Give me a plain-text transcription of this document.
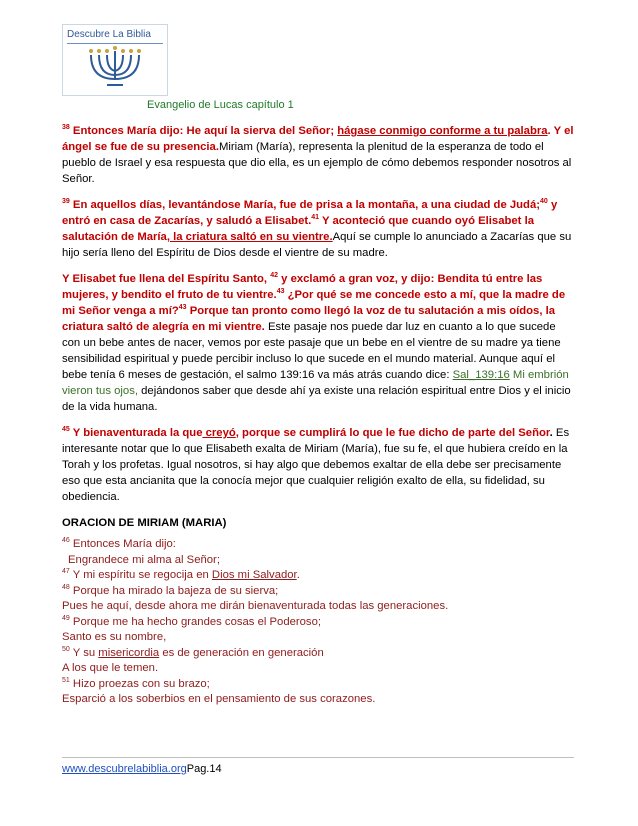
Descubre La Biblia
Evangelio de Lucas capítulo 1

$^{38}$ Entonces María dijo: He aquí la sierva del Señor; hágase conmigo conforme a tu palabra. Y el ángel se fue de su presencia.Miriam (María), representa la plenitud de la esperanza de todo el pueblo de Israel y esa respuesta que dio ella, es un ejemplo de cómo debemos responder nosotros al Señor.

$^{39}$ En aquellos días, levantándose María, fue de prisa a la montaña, a una ciudad de Judá;$^{40}$ y entró en casa de Zacarías, y saludó a Elisabet.$^{41}$ Y aconteció que cuando oyó Elisabet la salutación de María, la criatura saltó en su vientre.Aquí se cumple lo anunciado a Zacarías que su hijo sería lleno del Espíritu de Dios desde el vientre de su madre.

Y Elisabet fue llena del Espíritu Santo, $^{42}$ y exclamó a gran voz, y dijo: Bendita tú entre las mujeres, y bendito el fruto de tu vientre.$^{43}$ ¿Por qué se me concede esto a mí, que la madre de mi Señor venga a mí?$^{43}$ Porque tan pronto como llegó la voz de tu salutación a mis oídos, la criatura saltó de alegría en mi vientre. Este pasaje nos puede dar luz en cuanto a lo que sucede con un bebe antes de nacer, vemos por este pasaje que un bebe en el vientre de su madre ya tiene sensibilidad espiritual y puede percibir incluso lo que sucede en el mundo material. Aunque aquí el bebe tenía 6 meses de gestación, el salmo 139:16 va más atrás cuando dice: Sal_139:16 Mi embrión vieron tus ojos, dejándonos saber que desde ahí ya existe una relación espiritual entre Dios y el inicio de la vida humana.

$^{45}$ Y bienaventurada la que creyó, porque se cumplirá lo que le fue dicho de parte del Señor. Es interesante notar que lo que Elisabeth exalta de Miriam (María), fue su fe, el que hubiera creído en la Torah y los profetas. Igual nosotros, si hay algo que debemos exaltar de ella debe ser precisamente eso que esta ancianita que la conocía mejor que cualquier religión exalto de ella, su fidelidad, su obediencia.

ORACION DE MIRIAM (MARIA)
$^{46}$ Entonces María dijo:
Engrandece mi alma al Señor;
$^{47}$ Y mi espíritu se regocija en Dios mi Salvador.
$^{48}$ Porque ha mirado la bajeza de su sierva;
Pues he aquí, desde ahora me dirán bienaventurada todas las generaciones.
$^{49}$ Porque me ha hecho grandes cosas el Poderoso;
Santo es su nombre,
$^{50}$ Y su misericordia es de generación en generación
A los que le temen.
$^{51}$ Hizo proezas con su brazo;
Esparció a los soberbios en el pensamiento de sus corazones.
www.descubrelabiblia.orgPag.14
